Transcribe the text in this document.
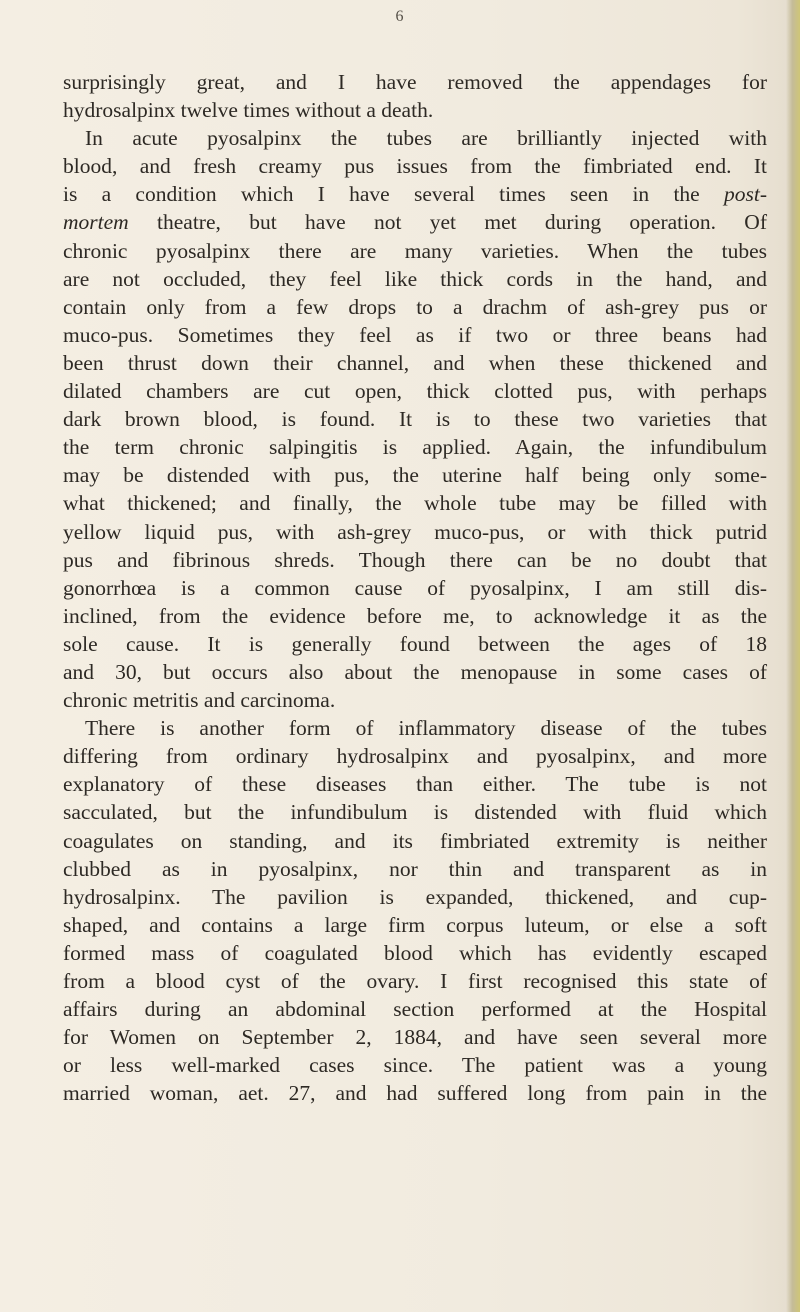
6
surprisingly great, and I have removed the appendages for
hydrosalpinx twelve times without a death.
In acute pyosalpinx the tubes are brilliantly injected with
blood, and fresh creamy pus issues from the fimbriated end. It
is a condition which I have several times seen in the post-
mortem theatre, but have not yet met during operation. Of
chronic pyosalpinx there are many varieties. When the tubes
are not occluded, they feel like thick cords in the hand, and
contain only from a few drops to a drachm of ash-grey pus or
muco-pus. Sometimes they feel as if two or three beans had
been thrust down their channel, and when these thickened and
dilated chambers are cut open, thick clotted pus, with perhaps
dark brown blood, is found. It is to these two varieties that
the term chronic salpingitis is applied. Again, the infundibulum
may be distended with pus, the uterine half being only some-
what thickened; and finally, the whole tube may be filled with
yellow liquid pus, with ash-grey muco-pus, or with thick putrid
pus and fibrinous shreds. Though there can be no doubt that
gonorrhœa is a common cause of pyosalpinx, I am still dis-
inclined, from the evidence before me, to acknowledge it as the
sole cause. It is generally found between the ages of 18
and 30, but occurs also about the menopause in some cases of
chronic metritis and carcinoma.
There is another form of inflammatory disease of the tubes
differing from ordinary hydrosalpinx and pyosalpinx, and more
explanatory of these diseases than either. The tube is not
sacculated, but the infundibulum is distended with fluid which
coagulates on standing, and its fimbriated extremity is neither
clubbed as in pyosalpinx, nor thin and transparent as in
hydrosalpinx. The pavilion is expanded, thickened, and cup-
shaped, and contains a large firm corpus luteum, or else a soft
formed mass of coagulated blood which has evidently escaped
from a blood cyst of the ovary. I first recognised this state of
affairs during an abdominal section performed at the Hospital
for Women on September 2, 1884, and have seen several more
or less well-marked cases since. The patient was a young
married woman, aet. 27, and had suffered long from pain in the
